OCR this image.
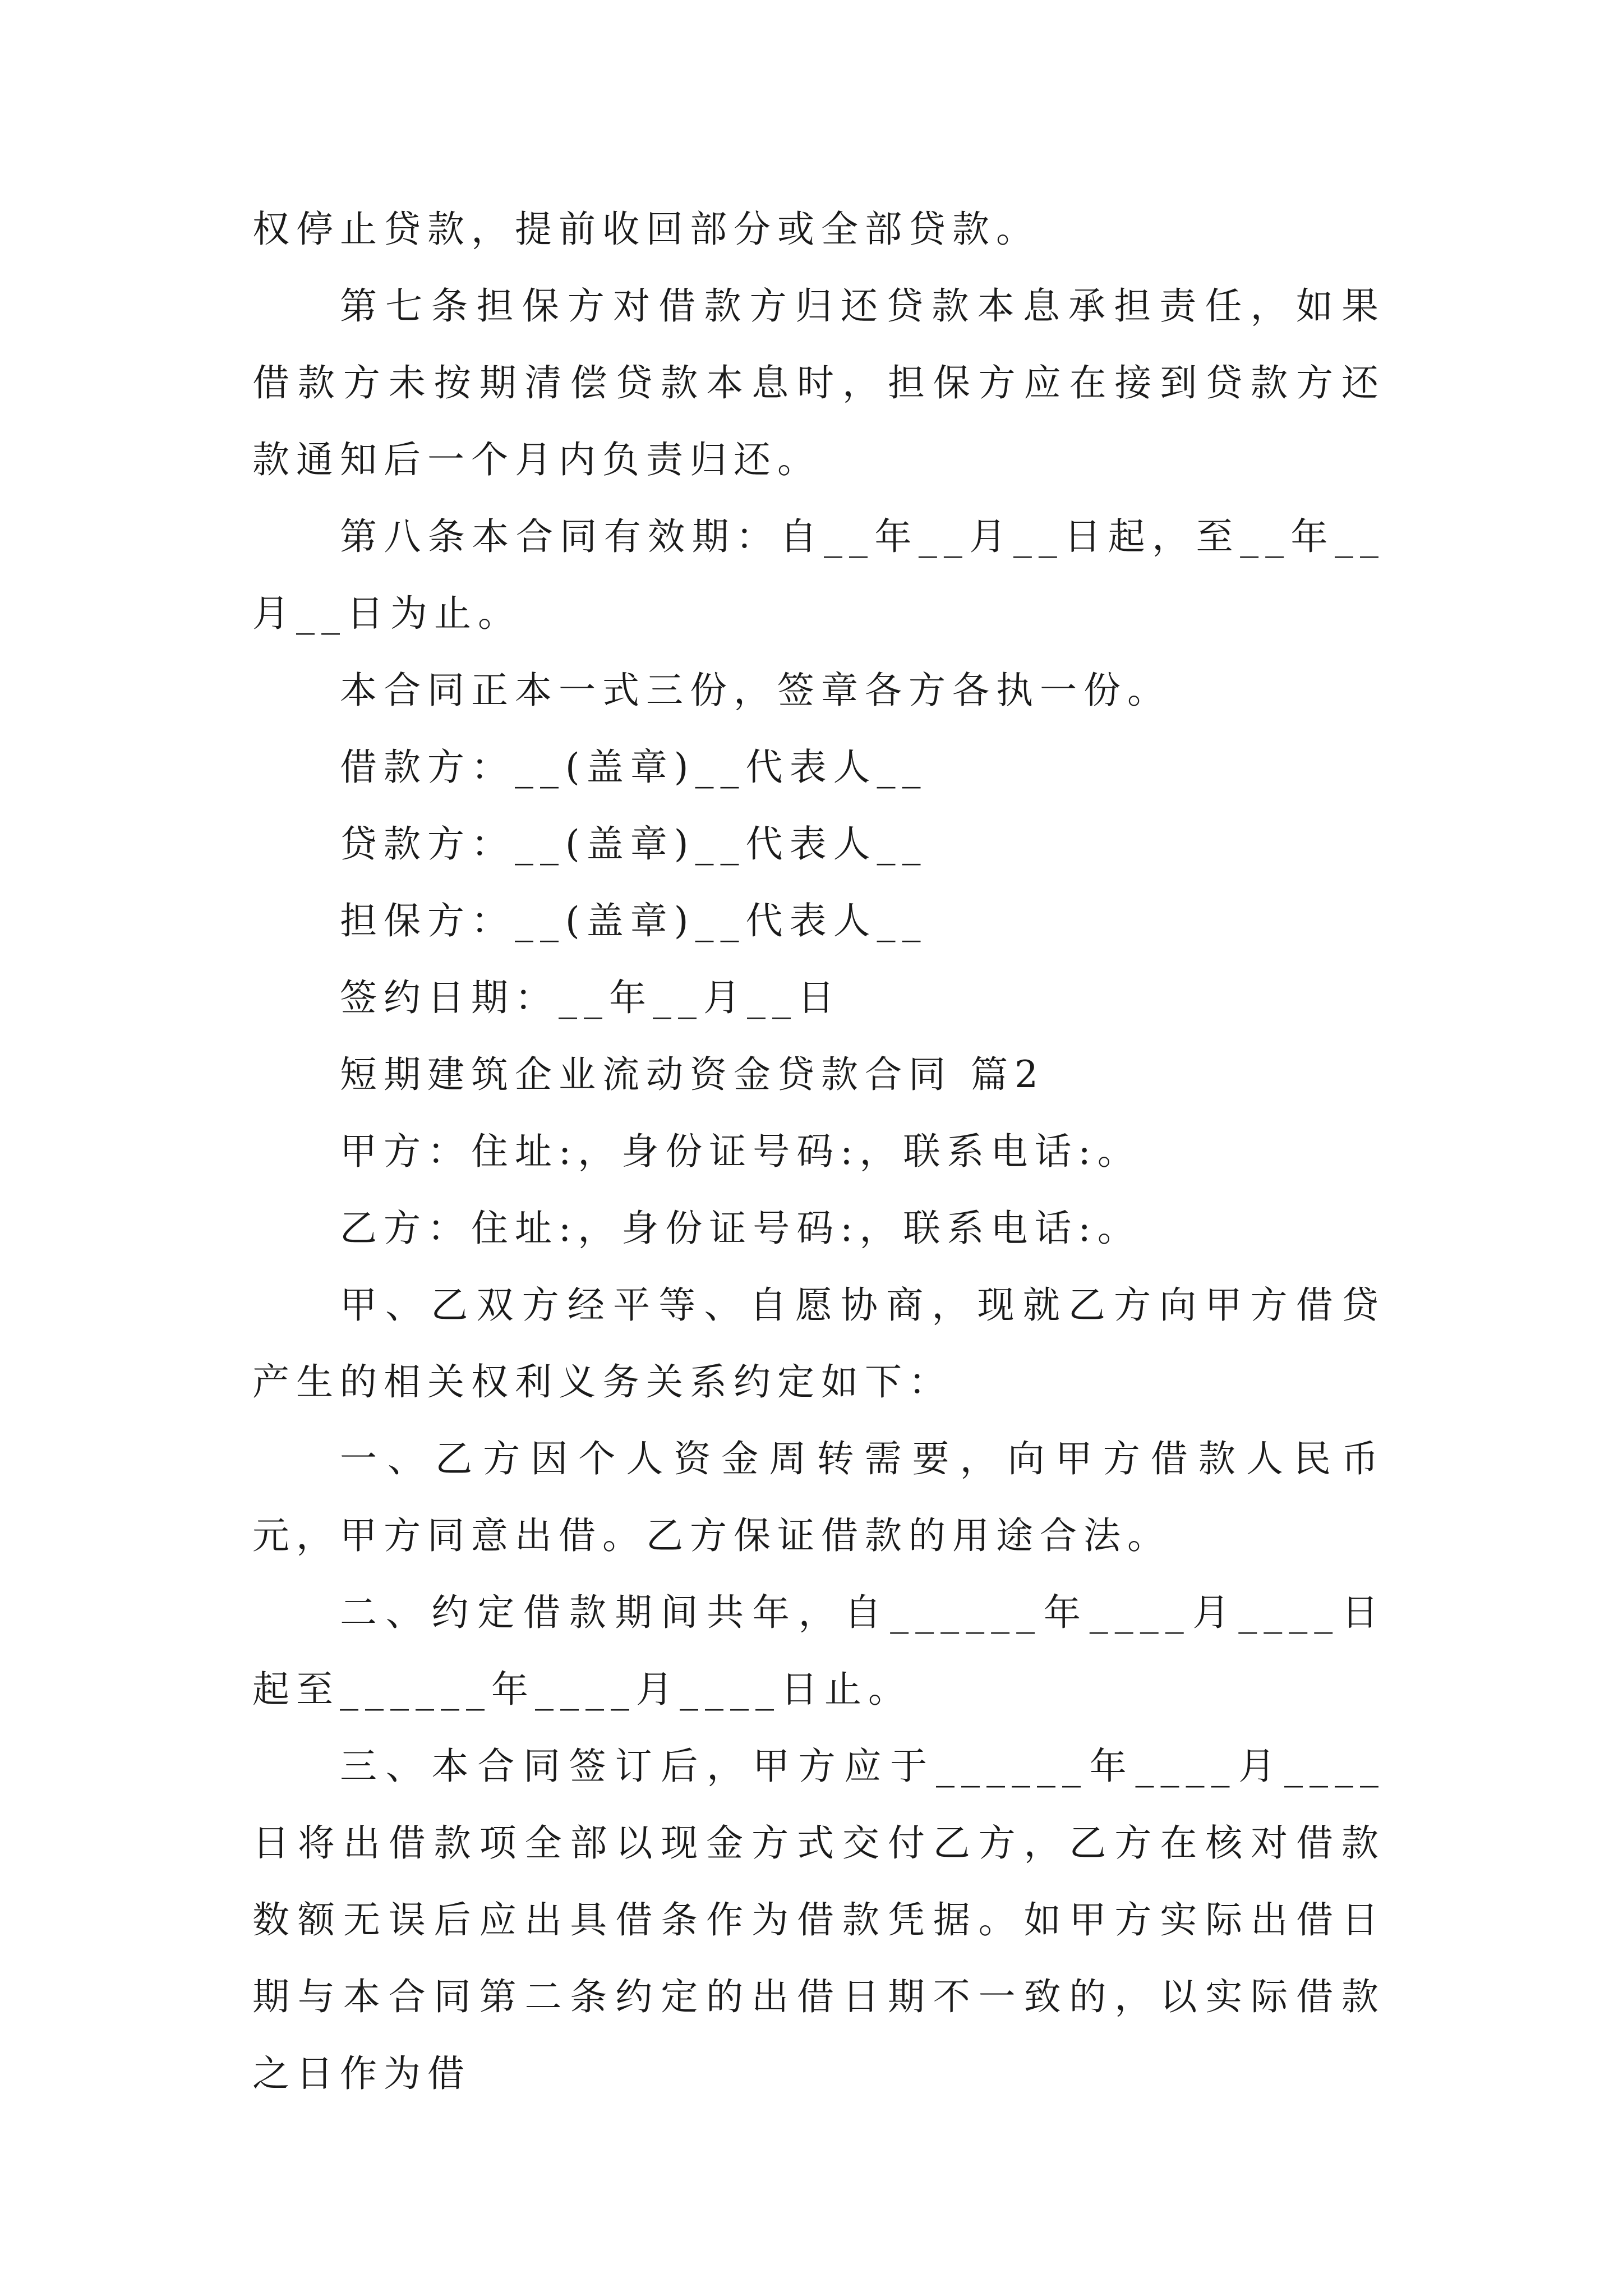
权停止贷款，提前收回部分或全部贷款。

第七条担保方对借款方归还贷款本息承担责任，如果借款方未按期清偿贷款本息时，担保方应在接到贷款方还款通知后一个月内负责归还。

第八条本合同有效期：自__年__月__日起，至__年__月__日为止。

本合同正本一式三份，签章各方各执一份。

借款方：__(盖章)__代表人__

贷款方：__(盖章)__代表人__

担保方：__(盖章)__代表人__

签约日期：__年__月__日

短期建筑企业流动资金贷款合同 篇2

甲方：住址:，身份证号码:，联系电话:。

乙方：住址:，身份证号码:，联系电话:。

甲、乙双方经平等、自愿协商，现就乙方向甲方借贷产生的相关权利义务关系约定如下：

一、乙方因个人资金周转需要，向甲方借款人民币元，甲方同意出借。乙方保证借款的用途合法。

二、约定借款期间共年，自______年____月____日起至______年____月____日止。

三、本合同签订后，甲方应于______年____月____日将出借款项全部以现金方式交付乙方，乙方在核对借款数额无误后应出具借条作为借款凭据。如甲方实际出借日期与本合同第二条约定的出借日期不一致的，以实际借款之日作为借
